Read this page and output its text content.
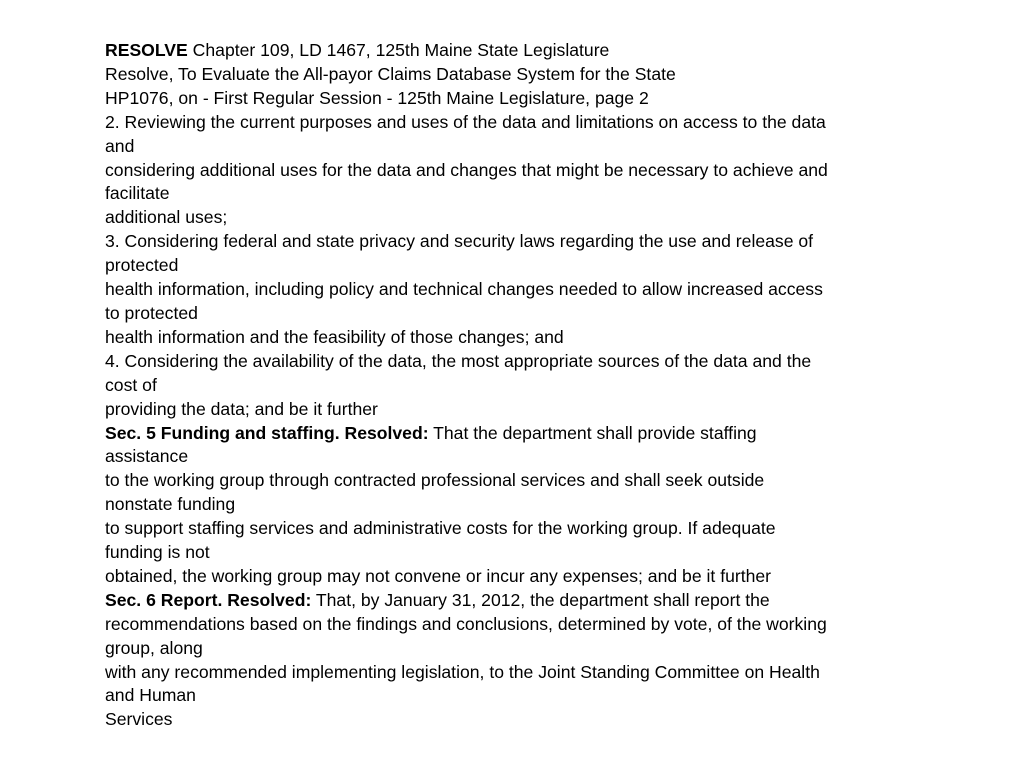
RESOLVE Chapter 109, LD 1467, 125th Maine State Legislature
Resolve, To Evaluate the All-payor Claims Database System for the State
HP1076, on - First Regular Session - 125th Maine Legislature, page 2
2. Reviewing the current purposes and uses of the data and limitations on access to the data
and
considering additional uses for the data and changes that might be necessary to achieve and
facilitate
additional uses;
3. Considering federal and state privacy and security laws regarding the use and release of
protected
health information, including policy and technical changes needed to allow increased access
to protected
health information and the feasibility of those changes; and
4. Considering the availability of the data, the most appropriate sources of the data and the
cost of
providing the data; and be it further
Sec. 5 Funding and staffing. Resolved: That the department shall provide staffing
assistance
to the working group through contracted professional services and shall seek outside
nonstate funding
to support staffing services and administrative costs for the working group. If adequate
funding is not
obtained, the working group may not convene or incur any expenses; and be it further
Sec. 6 Report. Resolved: That, by January 31, 2012, the department shall report the
recommendations based on the findings and conclusions, determined by vote, of the working
group, along
with any recommended implementing legislation, to the Joint Standing Committee on Health
and Human
Services
